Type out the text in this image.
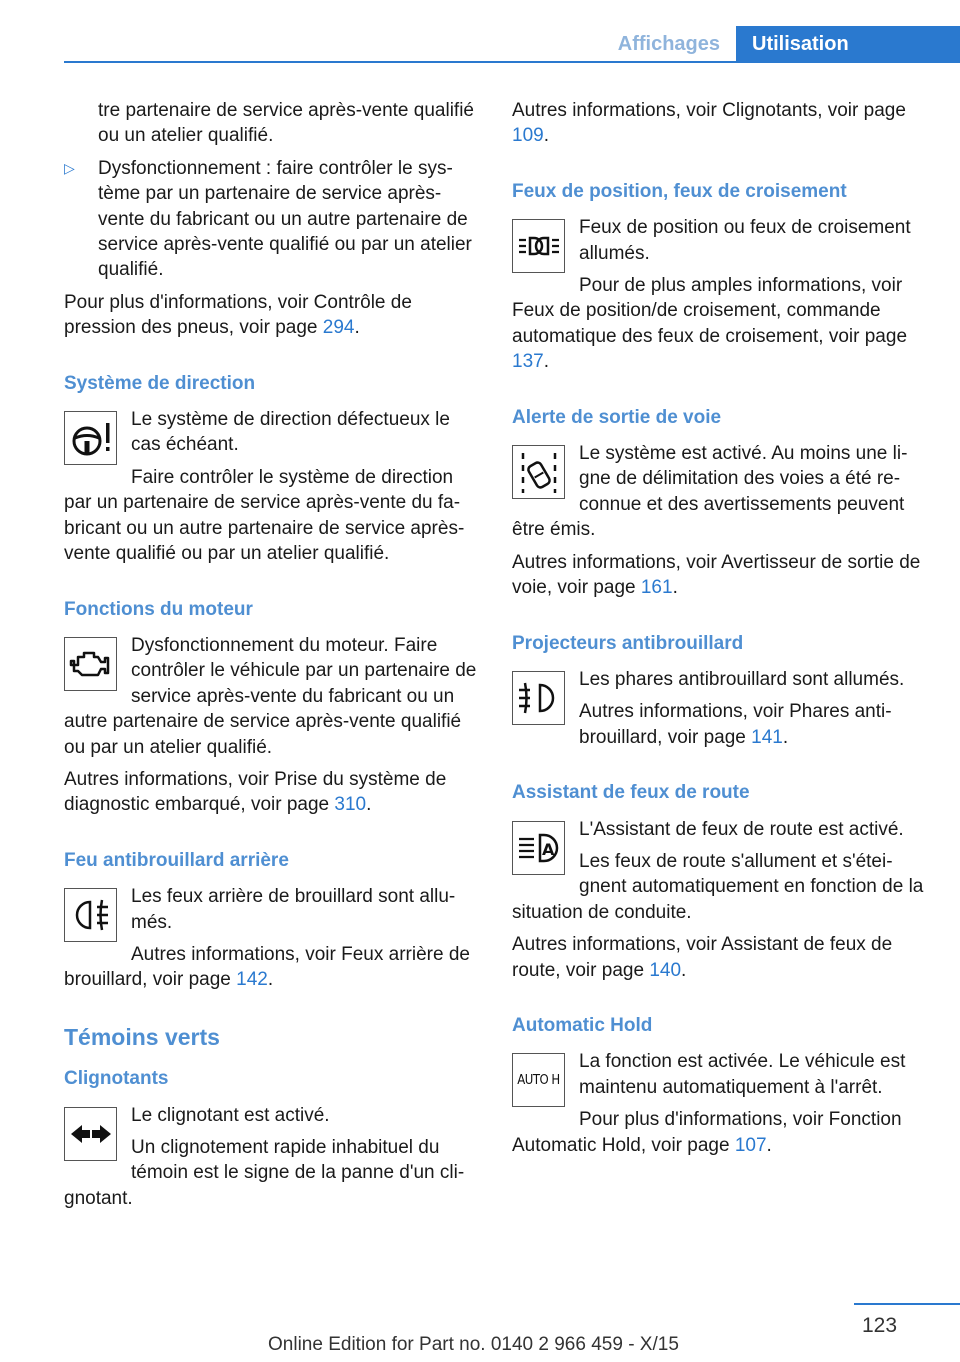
Affichages	Utilisation

tre partenaire de service après-vente qualifié ou un atelier qualifié.

▷ Dysfonctionnement : faire contrôler le système par un partenaire de service après-vente du fabricant ou un autre partenaire de service après-vente qualifié ou par un atelier qualifié.

Pour plus d'informations, voir Contrôle de pression des pneus, voir page 294.

Système de direction

Le système de direction défectueux le cas échéant.

Faire contrôler le système de direction par un partenaire de service après-vente du fabricant ou un autre partenaire de service après-vente qualifié ou par un atelier qualifié.

Fonctions du moteur

Dysfonctionnement du moteur. Faire contrôler le véhicule par un partenaire de service après-vente du fabricant ou un autre partenaire de service après-vente qualifié ou par un atelier qualifié.

Autres informations, voir Prise du système de diagnostic embarqué, voir page 310.

Feu antibrouillard arrière

Les feux arrière de brouillard sont allumés.

Autres informations, voir Feux arrière de brouillard, voir page 142.

Témoins verts
Clignotants

Le clignotant est activé.

Un clignotement rapide inhabituel du témoin est le signe de la panne d'un clignotant.

Autres informations, voir Clignotants, voir page 109.

Feux de position, feux de croisement

Feux de position ou feux de croisement allumés.

Pour de plus amples informations, voir Feux de position/de croisement, commande automatique des feux de croisement, voir page 137.

Alerte de sortie de voie

Le système est activé. Au moins une ligne de délimitation des voies a été reconnue et des avertissements peuvent être émis.

Autres informations, voir Avertisseur de sortie de voie, voir page 161.

Projecteurs antibrouillard

Les phares antibrouillard sont allumés.

Autres informations, voir Phares antibrouillard, voir page 141.

Assistant de feux de route
A

L'Assistant de feux de route est activé.

Les feux de route s'allument et s'éteignent automatiquement en fonction de la situation de conduite.

Autres informations, voir Assistant de feux de route, voir page 140.

Automatic Hold
AUTO H

La fonction est activée. Le véhicule est maintenu automatiquement à l'arrêt.

Pour plus d'informations, voir Fonction Automatic Hold, voir page 107.

123
Online Edition for Part no. 0140 2 966 459 - X/15
